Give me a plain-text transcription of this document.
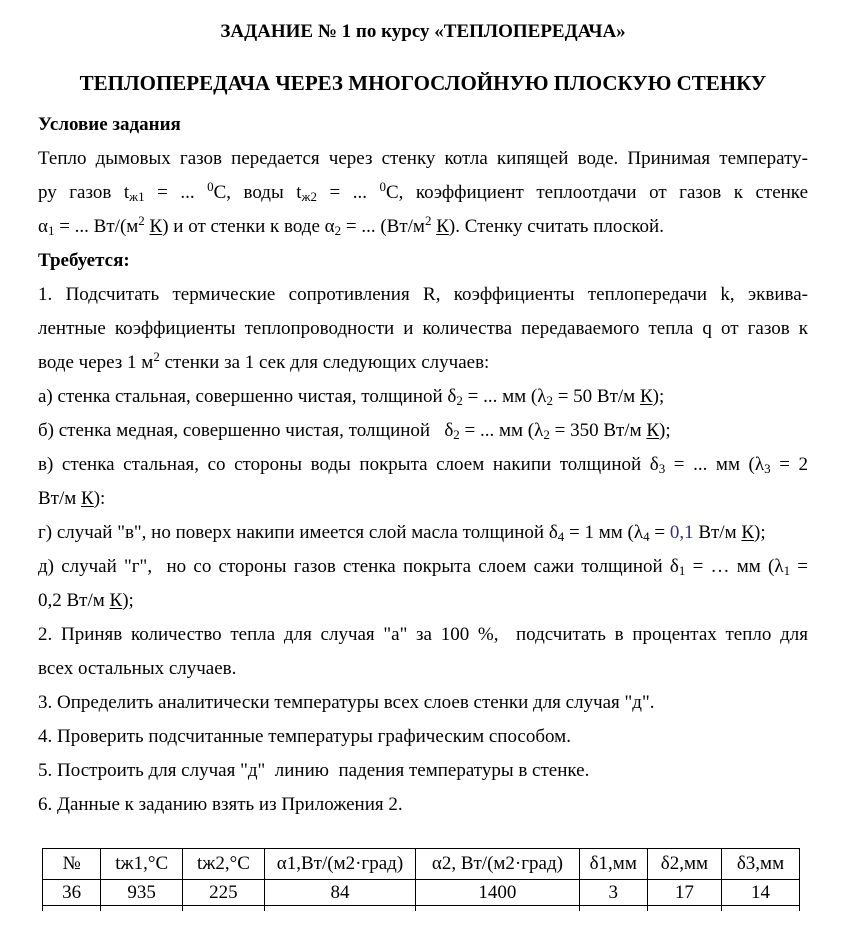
ЗАДАНИЕ № 1 по курсу «ТЕПЛОПЕРЕДАЧА»
ТЕПЛОПЕРЕДАЧА ЧЕРЕЗ МНОГОСЛОЙНУЮ ПЛОСКУЮ СТЕНКУ
Условие задания
Тепло дымовых газов передается через стенку котла кипящей воде. Принимая температу-
ру газов $t_{ж1}$ = ... $^0$С, воды $t_{ж2}$ = ... $^0$С, коэффициент теплоотдачи от газов к стенке
$\alpha_1$ = ... $Вт/(м^2$ К) и от стенки к воде $\alpha_2$ = ... ($Вт/м^2$ К). Стенку считать плоской.
Требуется:
1. Подсчитать термические сопротивления R, коэффициенты теплопередачи k, эквива-
лентные коэффициенты теплопроводности и количества передаваемого тепла q от газов к
воде через 1 $м^2$ стенки за 1 сек для следующих случаев:
а) стенка стальная, совершенно чистая, толщиной $\delta_2$ = ... мм ($\lambda_2 = 50$ Вт/м К);
б) стенка медная, совершенно чистая, толщиной   $\delta_2$ = ... мм ($\lambda_2 = 350$ Вт/м К);
в) стенка стальная, со стороны воды покрыта слоем накипи толщиной $\delta_3$ = ... мм ($\lambda_3 = 2$
Вт/м К):
г) случай "в", но поверх накипи имеется слой масла толщиной $\delta_4 = 1$ мм ($\lambda_4 = 0,1$ Вт/м К);
д) случай "г",  но со стороны газов стенка покрыта слоем сажи толщиной $\delta_1$ = … мм ($\lambda_1$ =
0,2 Вт/м К);
2. Приняв количество тепла для случая "а" за 100 %,  подсчитать в процентах тепло для
всех остальных случаев.
3. Определить аналитически температуры всех слоев стенки для случая "д".
4. Проверить подсчитанные температуры графическим способом.
5. Построить для случая "д"  линию  падения температуры в стенке.
6. Данные к заданию взять из Приложения 2.
№	tж1,°С	tж2,°С	α1,Вт/(м2·град)	α2, Вт/(м2·град)	δ1,мм	δ2,мм	δ3,мм
36	935	225	84	1400	3	17	14
